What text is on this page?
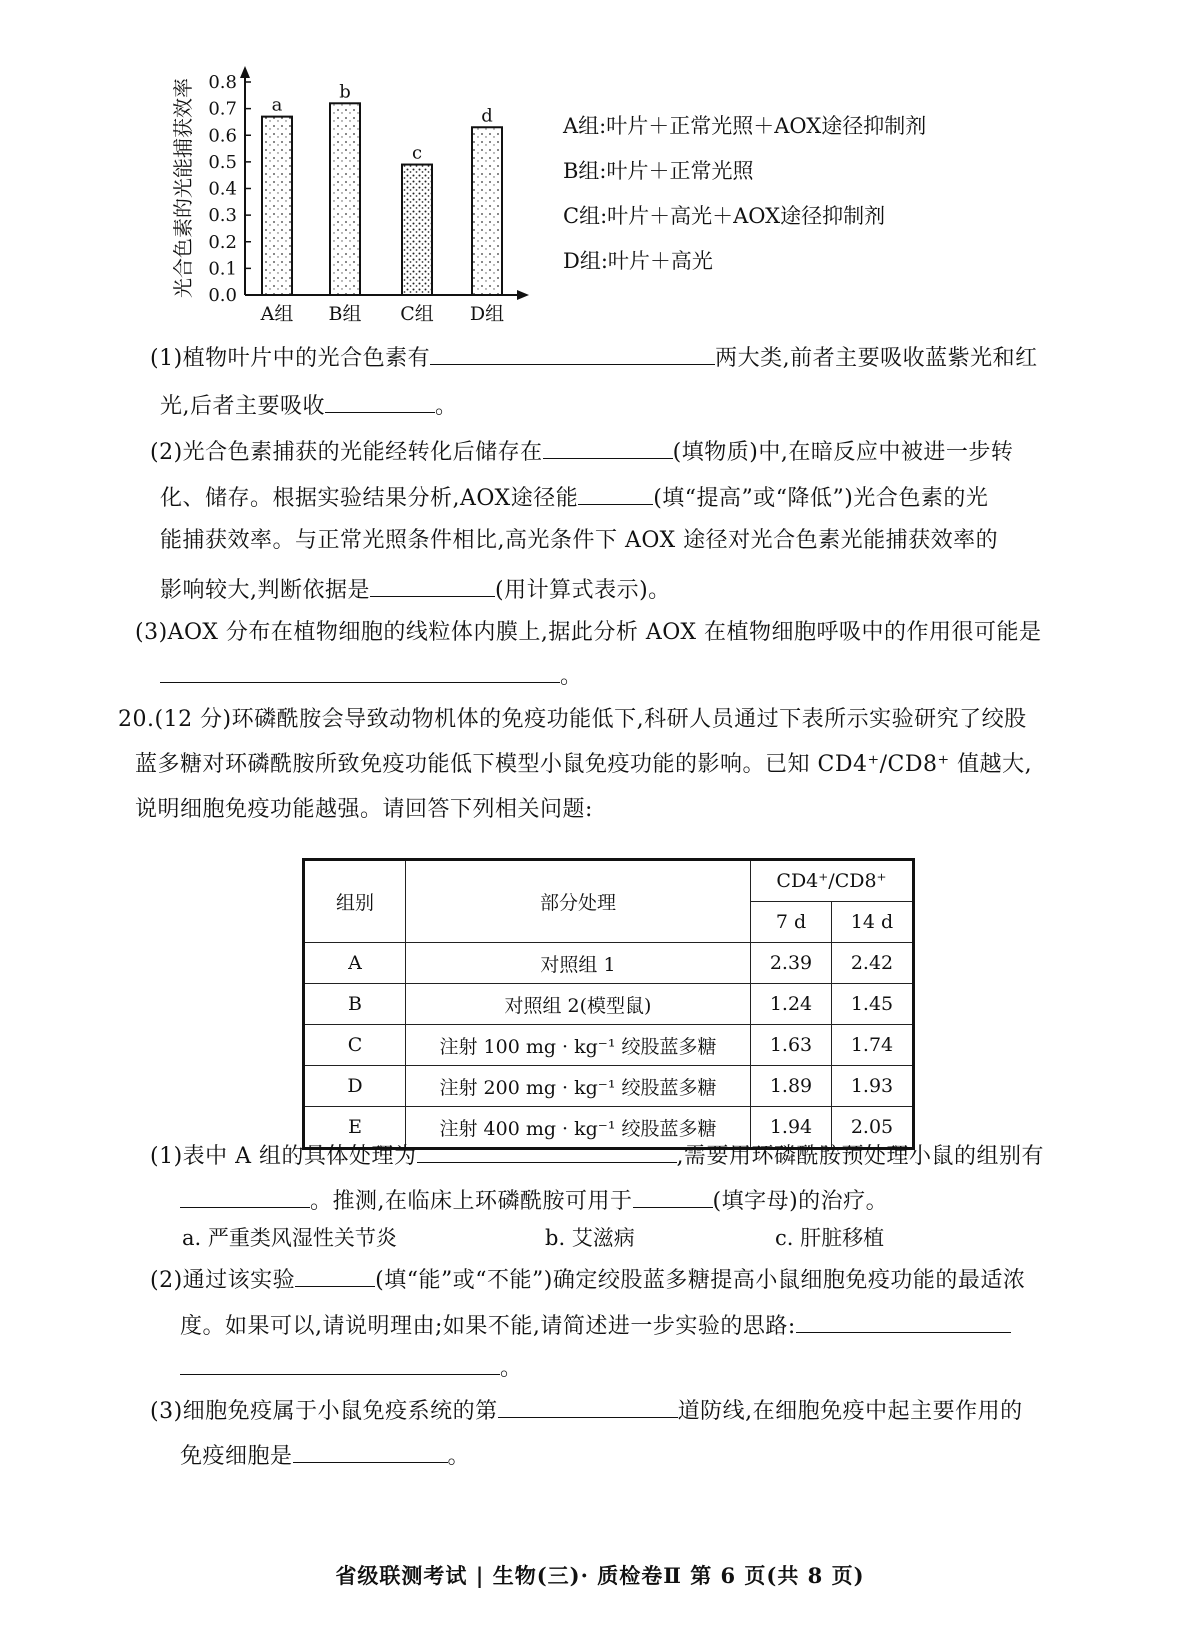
光合色素的光能捕获效率 0.0
0.1
0.2
0.3
0.4
0.5
0.6
0.7
0.8
a
A组
b
B组
c
C组
d
D组
A组:叶片＋正常光照＋AOX途径抑制剂
B组:叶片＋正常光照
C组:叶片＋高光＋AOX途径抑制剂
D组:叶片＋高光
(1)植物叶片中的光合色素有	两大类,前者主要吸收蓝紫光和红
光,后者主要吸收	。
(2)光合色素捕获的光能经转化后储存在	(填物质)中,在暗反应中被进一步转
化、储存。根据实验结果分析,AOX途径能	(填“提高”或“降低”)光合色素的光
能捕获效率。与正常光照条件相比,高光条件下 AOX 途径对光合色素光能捕获效率的
影响较大,判断依据是	(用计算式表示)。
(3)AOX 分布在植物细胞的线粒体内膜上,据此分析 AOX 在植物细胞呼吸中的作用很可能是
。
20.(12 分)环磷酰胺会导致动物机体的免疫功能低下,科研人员通过下表所示实验研究了绞股
蓝多糖对环磷酰胺所致免疫功能低下模型小鼠免疫功能的影响。已知 CD4⁺/CD8⁺ 值越大,
说明细胞免疫功能越强。请回答下列相关问题:
组别	部分处理	CD4⁺/CD8⁺	
		7 d	14 d
A	对照组 1	2.39	2.42
B	对照组 2(模型鼠)	1.24	1.45
C	注射 100 mg · kg⁻¹ 绞股蓝多糖	1.63	1.74
D	注射 200 mg · kg⁻¹ 绞股蓝多糖	1.89	1.93
E	注射 400 mg · kg⁻¹ 绞股蓝多糖	1.94	2.05
(1)表中 A 组的具体处理为	,需要用环磷酰胺预处理小鼠的组别有
。推测,在临床上环磷酰胺可用于	(填字母)的治疗。
a. 严重类风湿性关节炎	b. 艾滋病	c. 肝脏移植
(2)通过该实验	(填“能”或“不能”)确定绞股蓝多糖提高小鼠细胞免疫功能的最适浓
度。如果可以,请说明理由;如果不能,请简述进一步实验的思路:
。
(3)细胞免疫属于小鼠免疫系统的第	道防线,在细胞免疫中起主要作用的
免疫细胞是	。
省级联测考试 | 生物(三)· 质检卷Ⅱ 第 6 页(共 8 页)
